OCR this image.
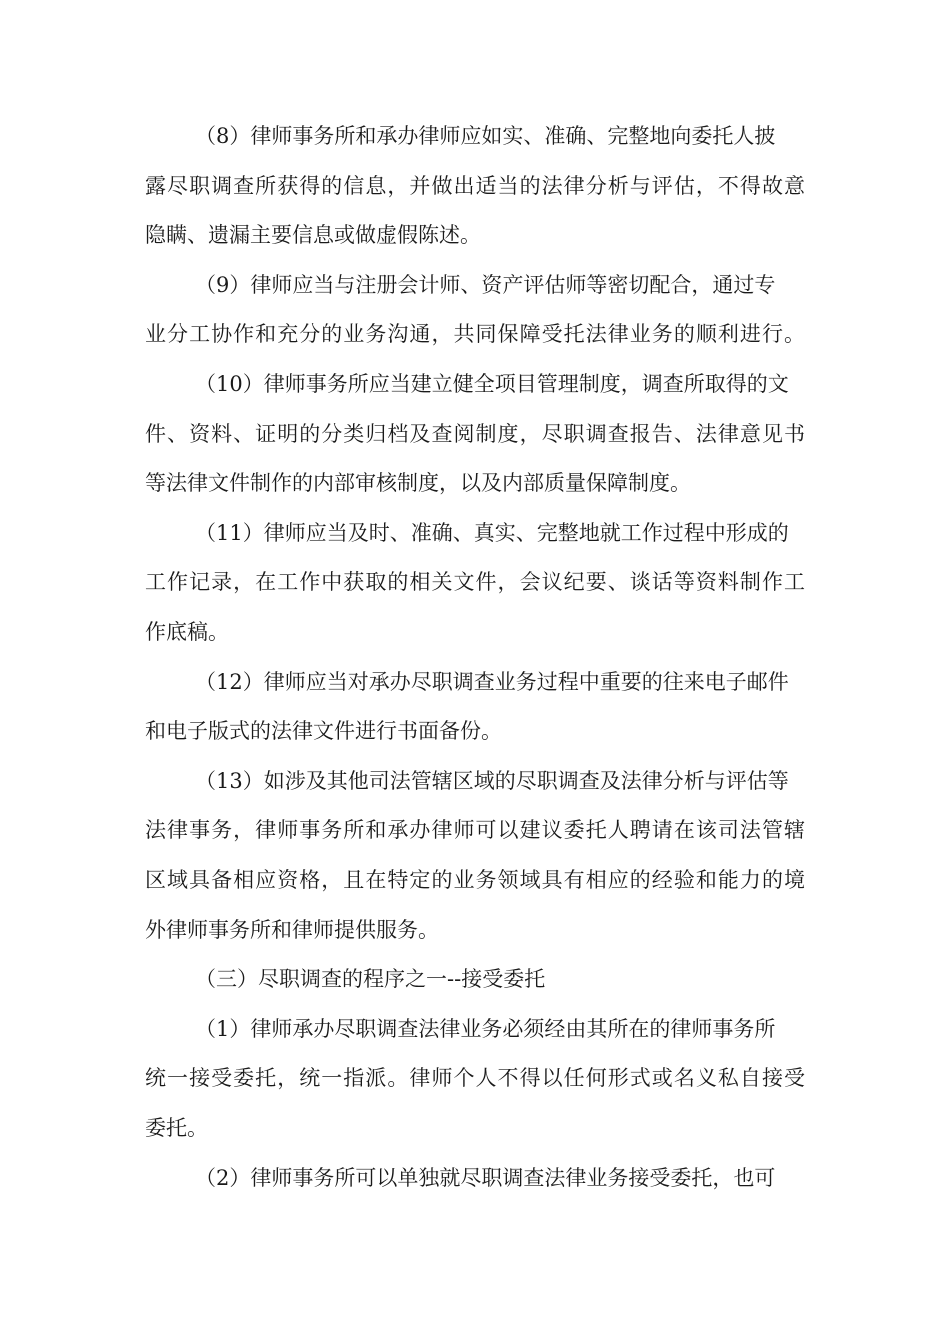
（8）律师事务所和承办律师应如实、准确、完整地向委托人披

露尽职调查所获得的信息，并做出适当的法律分析与评估，不得故意

隐瞒、遗漏主要信息或做虚假陈述。

（9）律师应当与注册会计师、资产评估师等密切配合，通过专

业分工协作和充分的业务沟通，共同保障受托法律业务的顺利进行。

（10）律师事务所应当建立健全项目管理制度，调查所取得的文

件、资料、证明的分类归档及查阅制度，尽职调查报告、法律意见书

等法律文件制作的内部审核制度，以及内部质量保障制度。

（11）律师应当及时、准确、真实、完整地就工作过程中形成的

工作记录，在工作中获取的相关文件，会议纪要、谈话等资料制作工

作底稿。

（12）律师应当对承办尽职调查业务过程中重要的往来电子邮件

和电子版式的法律文件进行书面备份。

（13）如涉及其他司法管辖区域的尽职调查及法律分析与评估等

法律事务，律师事务所和承办律师可以建议委托人聘请在该司法管辖

区域具备相应资格，且在特定的业务领域具有相应的经验和能力的境

外律师事务所和律师提供服务。

（三）尽职调查的程序之一--接受委托

（1）律师承办尽职调查法律业务必须经由其所在的律师事务所

统一接受委托，统一指派。律师个人不得以任何形式或名义私自接受

委托。

（2）律师事务所可以单独就尽职调查法律业务接受委托，也可
